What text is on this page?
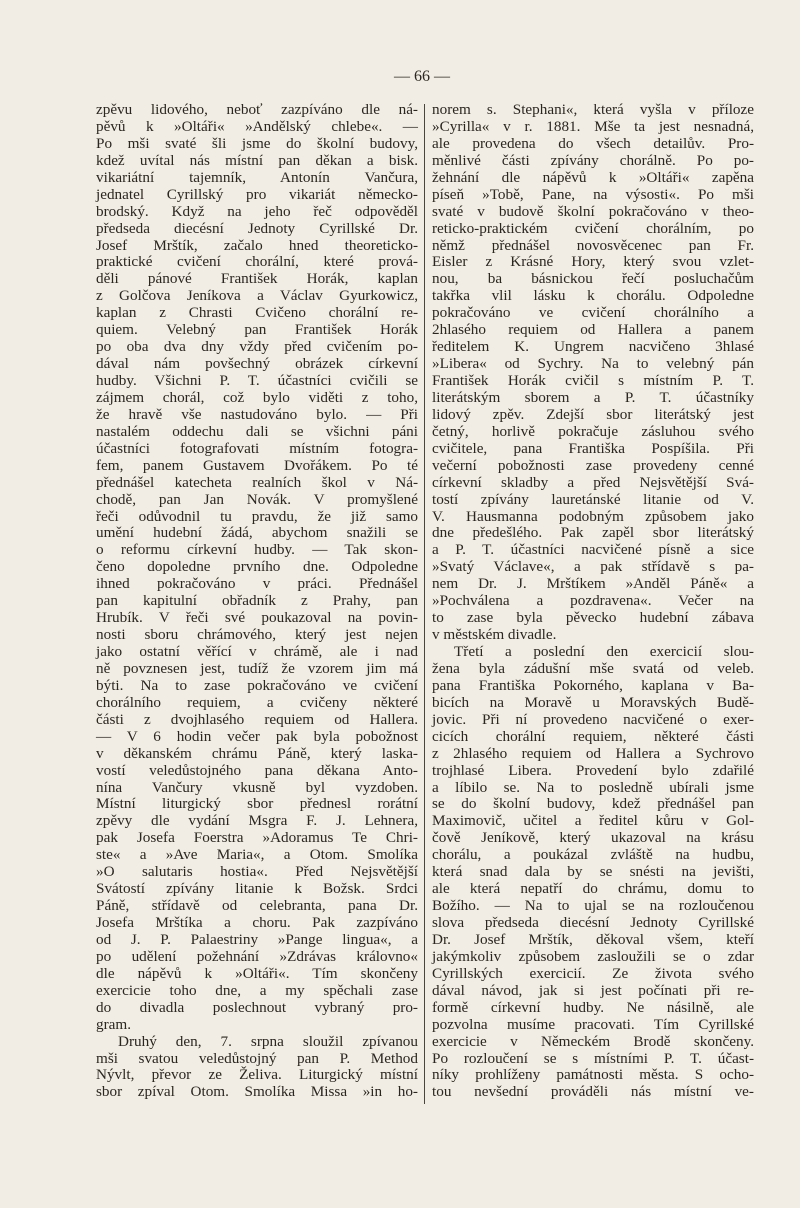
— 66 —
zpěvu lidového, neboť zazpíváno dle ná-
pěvů k »Oltáři« »Andělský chlebe«. —
Po mši svaté šli jsme do školní budovy,
kdež uvítal nás místní pan děkan a bisk.
vikariátní tajemník, Antonín Vančura,
jednatel Cyrillský pro vikariát německo-
brodský. Když na jeho řeč odpověděl
předseda diecésní Jednoty Cyrillské Dr.
Josef Mrštík, začalo hned theoreticko-
praktické cvičení chorální, které prová-
děli pánové František Horák, kaplan
z Golčova Jeníkova a Václav Gyurkowicz,
kaplan z Chrasti Cvičeno chorální re-
quiem. Velebný pan František Horák
po oba dva dny vždy před cvičením po-
dával nám povšechný obrázek církevní
hudby. Všichni P. T. účastníci cvičili se
zájmem chorál, což bylo viděti z toho,
že hravě vše nastudováno bylo. — Při
nastalém oddechu dali se všichni páni
účastníci fotografovati místním fotogra-
fem, panem Gustavem Dvořákem. Po té
přednášel katecheta realních škol v Ná-
chodě, pan Jan Novák. V promyšlené
řeči odůvodnil tu pravdu, že již samo
umění hudební žádá, abychom snažili se
o reformu církevní hudby. — Tak skon-
čeno dopoledne prvního dne. Odpoledne
ihned pokračováno v práci. Přednášel
pan kapitulní obřadník z Prahy, pan
Hrubík. V řeči své poukazoval na povin-
nosti sboru chrámového, který jest nejen
jako ostatní věřící v chrámě, ale i nad
ně povznesen jest, tudíž že vzorem jim má
býti. Na to zase pokračováno ve cvičení
chorálního requiem, a cvičeny některé
části z dvojhlasého requiem od Hallera.
— V 6 hodin večer pak byla pobožnost
v děkanském chrámu Páně, který laska-
vostí veledůstojného pana děkana Anto-
nína Vančury vkusně byl vyzdoben.
Místní liturgický sbor přednesl rorátní
zpěvy dle vydání Msgra F. J. Lehnera,
pak Josefa Foerstra »Adoramus Te Chri-
ste« a »Ave Maria«, a Otom. Smolíka
»O salutaris hostia«. Před Nejsvětější
Svátostí zpívány litanie k Božsk. Srdci
Páně, střídavě od celebranta, pana Dr.
Josefa Mrštíka a choru. Pak zazpíváno
od J. P. Palaestriny »Pange lingua«, a
po udělení požehnání »Zdrávas královno«
dle nápěvů k »Oltáři«. Tím skončeny
exercicie toho dne, a my spěchali zase
do divadla poslechnout vybraný pro-
gram.
Druhý den, 7. srpna sloužil zpívanou
mši svatou veledůstojný pan P. Method
Nývlt, převor ze Želiva. Liturgický místní
sbor zpíval Otom. Smolíka Missa »in ho-
norem s. Stephani«, která vyšla v příloze
»Cyrilla« v r. 1881. Mše ta jest nesnadná,
ale provedena do všech detailův. Pro-
měnlivé části zpívány chorálně. Po po-
žehnání dle nápěvů k »Oltáři« zapěna
píseň »Tobě, Pane, na výsosti«. Po mši
svaté v budově školní pokračováno v theo-
reticko-praktickém cvičení chorálním, po
němž přednášel novosvěcenec pan Fr.
Eisler z Krásné Hory, který svou vzlet-
nou, ba básnickou řečí posluchačům
takřka vlil lásku k chorálu. Odpoledne
pokračováno ve cvičení chorálního a
2hlasého requiem od Hallera a panem
ředitelem K. Ungrem nacvičeno 3hlasé
»Libera« od Sychry. Na to velebný pán
František Horák cvičil s místním P. T.
literátským sborem a P. T. účastníky
lidový zpěv. Zdejší sbor literátský jest
četný, horlivě pokračuje zásluhou svého
cvičitele, pana Františka Pospíšila. Při
večerní pobožnosti zase provedeny cenné
církevní skladby a před Nejsvětější Svá-
tostí zpívány lauretánské litanie od V.
V. Hausmanna podobným způsobem jako
dne předešlého. Pak zapěl sbor literátský
a P. T. účastníci nacvičené písně a sice
»Svatý Václave«, a pak střídavě s pa-
nem Dr. J. Mrštíkem »Anděl Páně« a
»Pochválena a pozdravena«. Večer na
to zase byla pěvecko hudební zábava
v městském divadle.
Třetí a poslední den exercicií slou-
žena byla zádušní mše svatá od veleb.
pana Františka Pokorného, kaplana v Ba-
bicích na Moravě u Moravských Budě-
jovic. Při ní provedeno nacvičené o exer-
cicích chorální requiem, některé části
z 2hlasého requiem od Hallera a Sychrovo
trojhlasé Libera. Provedení bylo zdařilé
a líbilo se. Na to posledně ubírali jsme
se do školní budovy, kdež přednášel pan
Maximovič, učitel a ředitel kůru v Gol-
čově Jeníkově, který ukazoval na krásu
chorálu, a poukázal zvláště na hudbu,
která snad dala by se snésti na jevišti,
ale která nepatří do chrámu, domu to
Božího. — Na to ujal se na rozloučenou
slova předseda diecésní Jednoty Cyrillské
Dr. Josef Mrštík, děkoval všem, kteří
jakýmkoliv způsobem zasloužili se o zdar
Cyrillských exercicií. Ze života svého
dával návod, jak si jest počínati při re-
formě církevní hudby. Ne násilně, ale
pozvolna musíme pracovati. Tím Cyrillské
exercicie v Německém Brodě skončeny.
Po rozloučení se s místními P. T. účast-
níky prohlíženy památnosti města. S ocho-
tou nevšední prováděli nás místní ve-
